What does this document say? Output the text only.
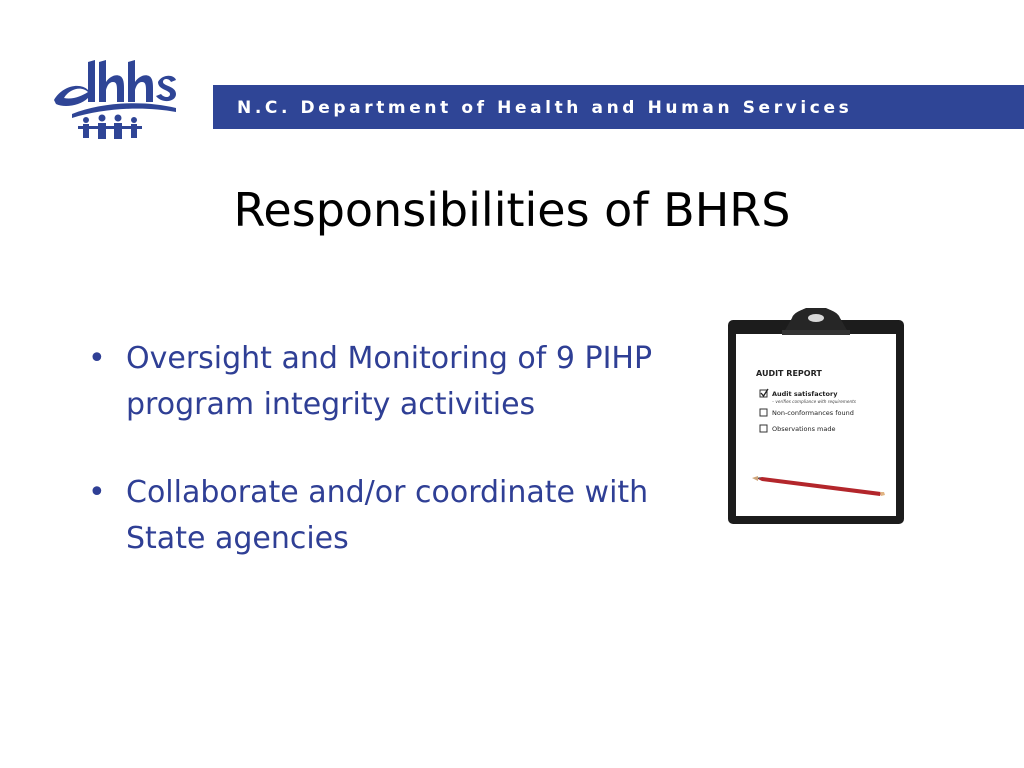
N.C. Department of Health and Human Services
Responsibilities of BHRS
• Oversight and Monitoring of 9 PIHP program integrity activities
• Collaborate and/or coordinate with State agencies
AUDIT REPORT
Audit satisfactory
– verifies compliance with requirements
Non-conformances found
Observations made
